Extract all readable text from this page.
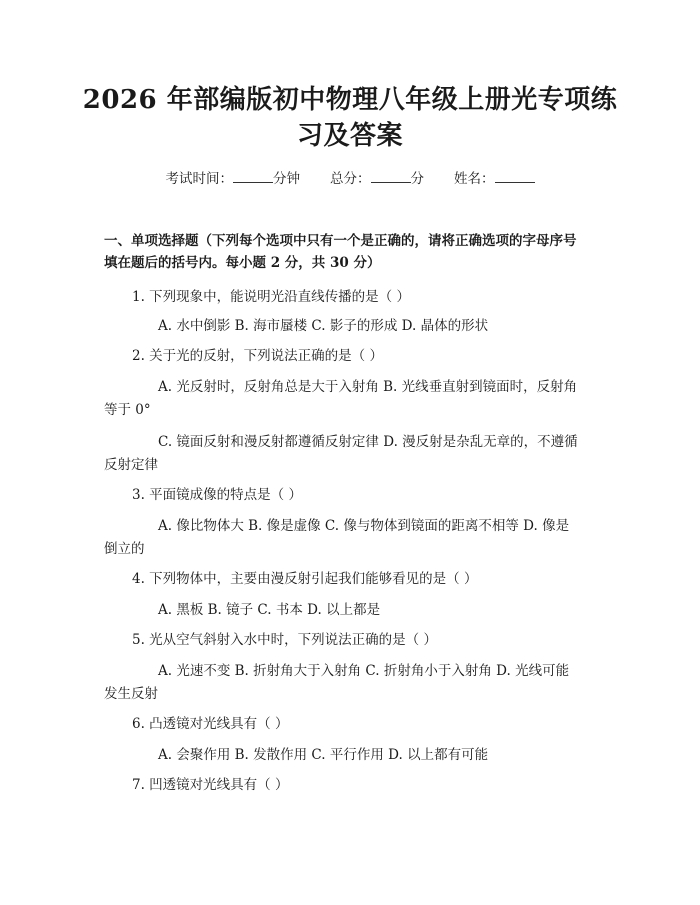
2026 年部编版初中物理八年级上册光专项练
习及答案
考试时间：	分钟 总分：	分 姓名：
一、单项选择题（下列每个选项中只有一个是正确的，请将正确选项的字母序号
填在题后的括号内。每小题 2 分，共 30 分）
1. 下列现象中，能说明光沿直线传播的是（ ）
A. 水中倒影 B. 海市蜃楼 C. 影子的形成 D. 晶体的形状
2. 关于光的反射，下列说法正确的是（ ）
A. 光反射时，反射角总是大于入射角 B. 光线垂直射到镜面时，反射角
等于 0°
C. 镜面反射和漫反射都遵循反射定律 D. 漫反射是杂乱无章的，不遵循
反射定律
3. 平面镜成像的特点是（ ）
A. 像比物体大 B. 像是虚像 C. 像与物体到镜面的距离不相等 D. 像是
倒立的
4. 下列物体中，主要由漫反射引起我们能够看见的是（ ）
A. 黑板 B. 镜子 C. 书本 D. 以上都是
5. 光从空气斜射入水中时，下列说法正确的是（ ）
A. 光速不变 B. 折射角大于入射角 C. 折射角小于入射角 D. 光线可能
发生反射
6. 凸透镜对光线具有（ ）
A. 会聚作用 B. 发散作用 C. 平行作用 D. 以上都有可能
7. 凹透镜对光线具有（ ）
